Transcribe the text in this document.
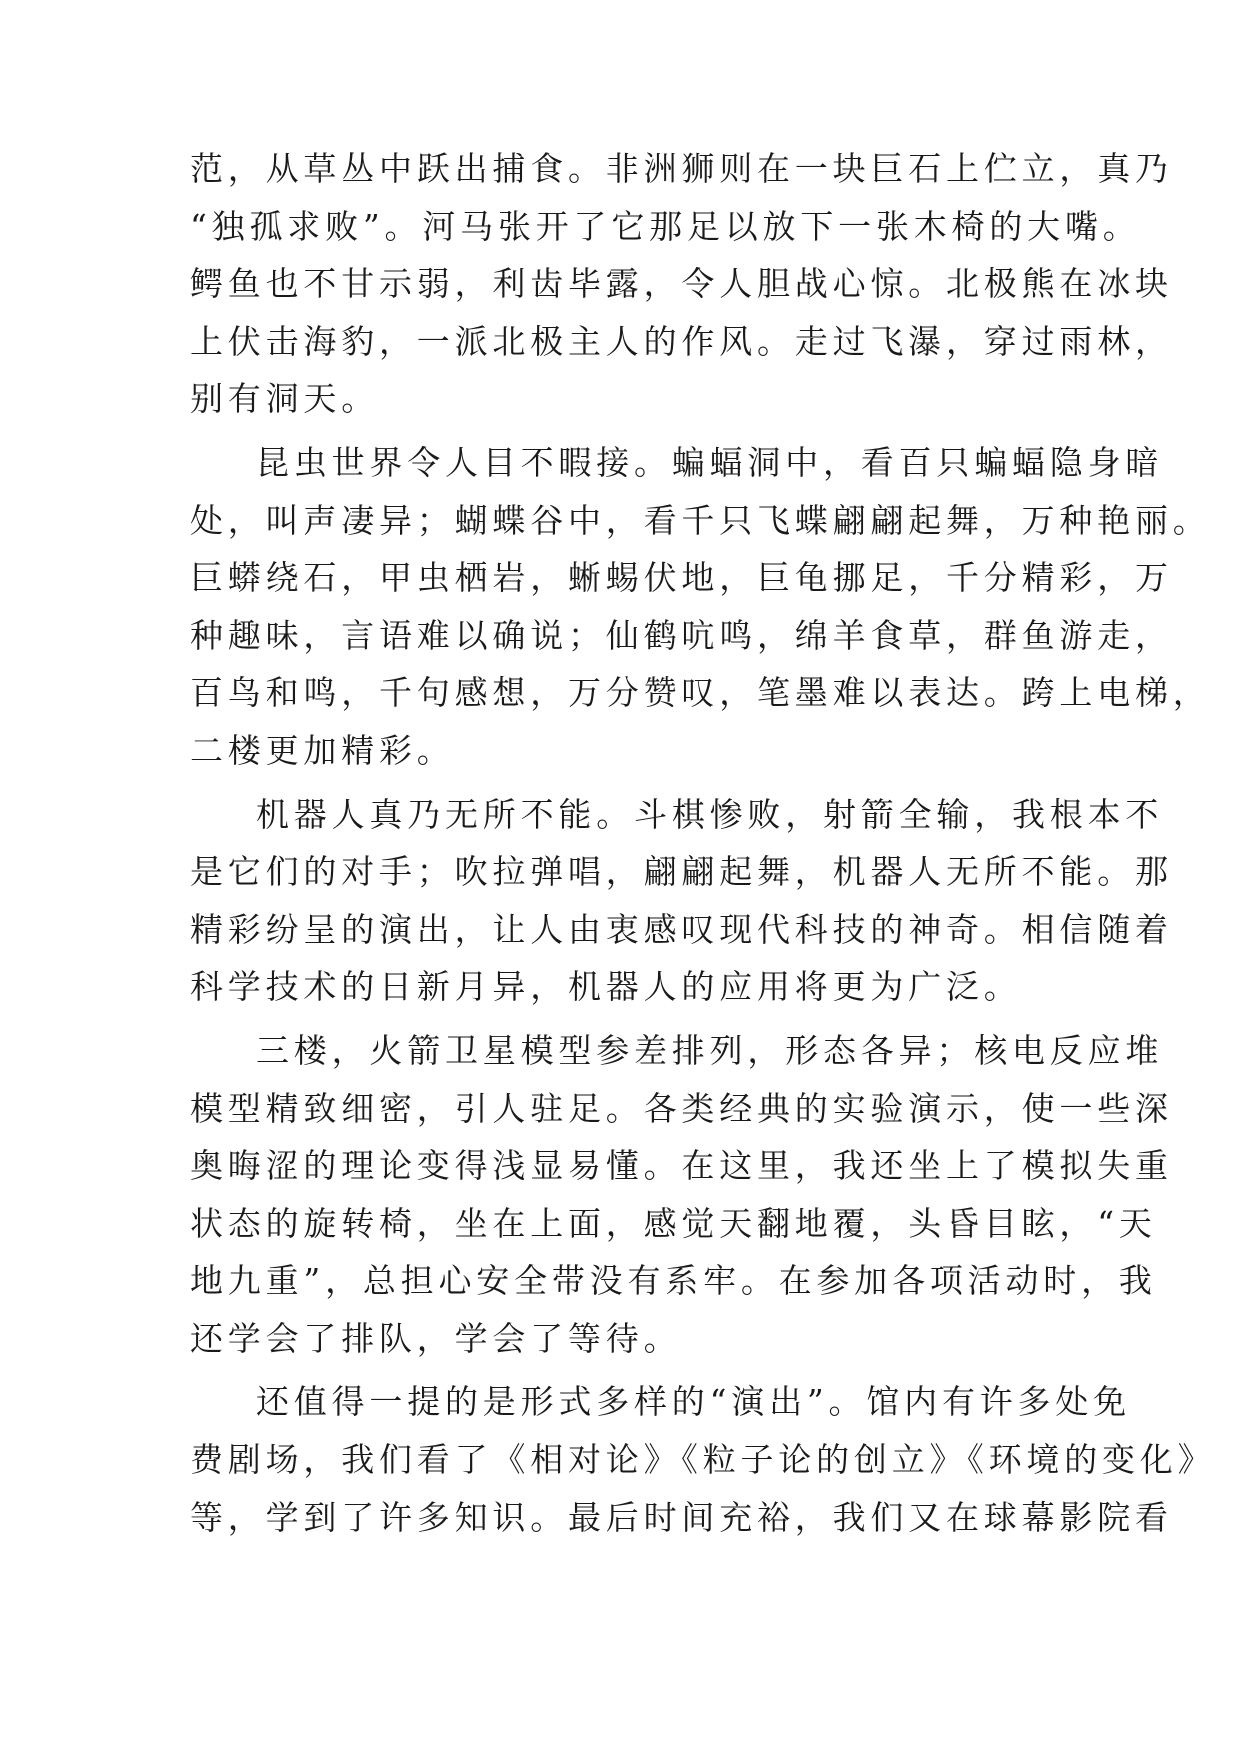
范，从草丛中跃出捕食。非洲狮则在一块巨石上伫立，真乃
“独孤求败”。河马张开了它那足以放下一张木椅的大嘴。
鳄鱼也不甘示弱，利齿毕露，令人胆战心惊。北极熊在冰块
上伏击海豹，一派北极主人的作风。走过飞瀑，穿过雨林，
别有洞天。
昆虫世界令人目不暇接。蝙蝠洞中，看百只蝙蝠隐身暗
处，叫声凄异；蝴蝶谷中，看千只飞蝶翩翩起舞，万种艳丽。
巨蟒绕石，甲虫栖岩，蜥蜴伏地，巨龟挪足，千分精彩，万
种趣味，言语难以确说；仙鹤吭鸣，绵羊食草，群鱼游走，
百鸟和鸣，千句感想，万分赞叹，笔墨难以表达。跨上电梯，
二楼更加精彩。
机器人真乃无所不能。斗棋惨败，射箭全输，我根本不
是它们的对手；吹拉弹唱，翩翩起舞，机器人无所不能。那
精彩纷呈的演出，让人由衷感叹现代科技的神奇。相信随着
科学技术的日新月异，机器人的应用将更为广泛。
三楼，火箭卫星模型参差排列，形态各异；核电反应堆
模型精致细密，引人驻足。各类经典的实验演示，使一些深
奥晦涩的理论变得浅显易懂。在这里，我还坐上了模拟失重
状态的旋转椅，坐在上面，感觉天翻地覆，头昏目眩，“天
地九重”，总担心安全带没有系牢。在参加各项活动时，我
还学会了排队，学会了等待。
还值得一提的是形式多样的“演出”。馆内有许多处免
费剧场，我们看了《相对论》《粒子论的创立》《环境的变化》
等，学到了许多知识。最后时间充裕，我们又在球幕影院看
